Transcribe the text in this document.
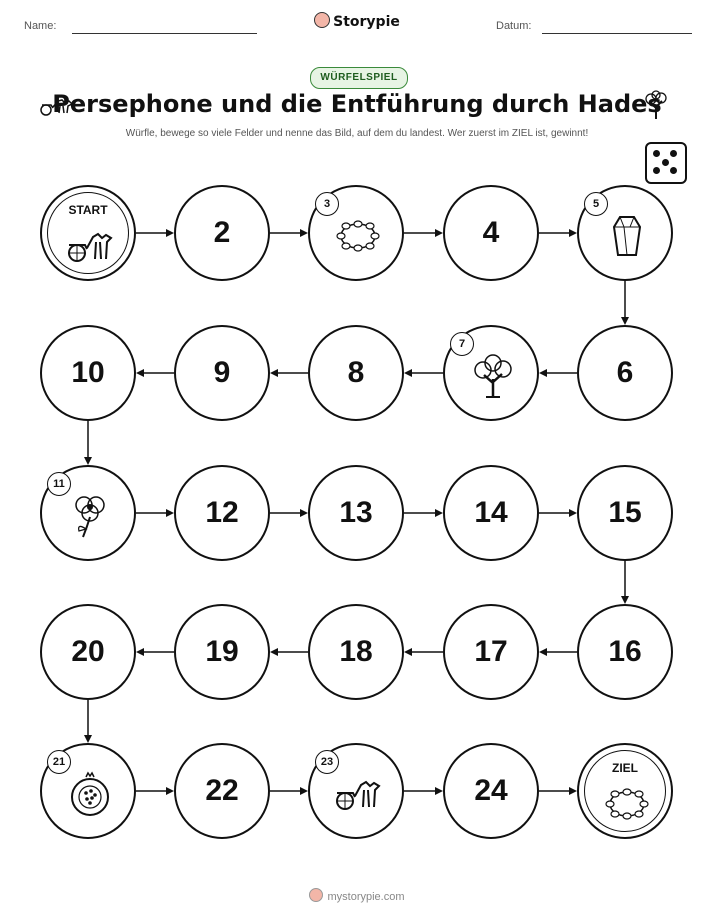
Name:	Storypie	Datum:
WÜRFELSPIEL
Persephone und die Entführung durch Hades
Würfle, bewege so viele Felder und nenne das Bild, auf dem du landest. Wer zuerst im ZIEL ist, gewinnt!
START
2
3
4
5
6
7
8
9
10
11
12	13	14	15
16
17
18
19
20
21
22
23
24
ZIEL
mystorypie.com
